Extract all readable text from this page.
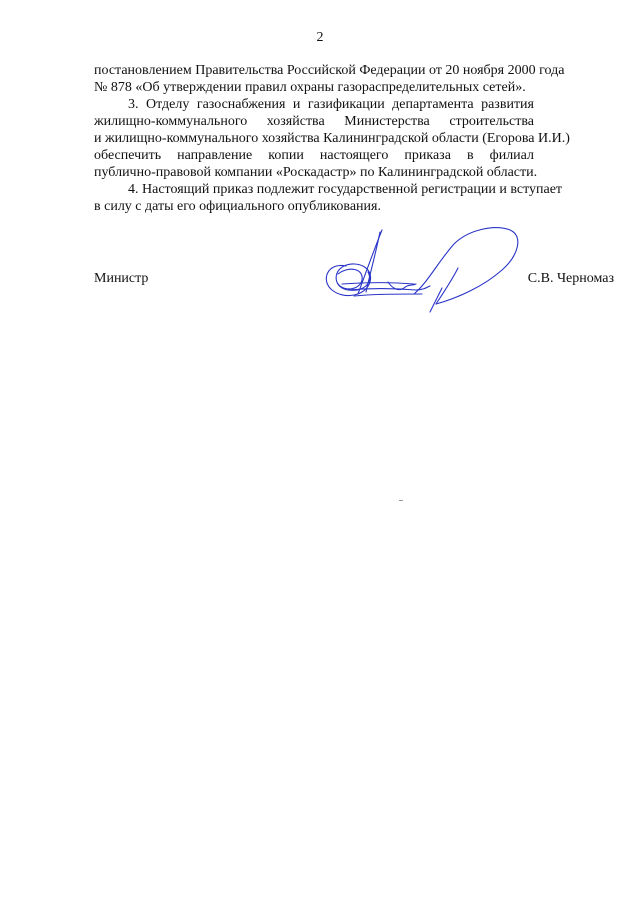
2

постановлением Правительства Российской Федерации от 20 ноября 2000 года
№ 878 «Об утверждении правил охраны газораспределительных сетей».

3. Отделу газоснабжения и газификации департамента развития
жилищно-коммунального хозяйства Министерства строительства
и жилищно-коммунального хозяйства Калининградской области (Егорова И.И.)
обеспечить направление копии настоящего приказа в филиал
публично-правовой компании «Роскадастр» по Калининградской области.

4. Настоящий приказ подлежит государственной регистрации и вступает
в силу с даты его официального опубликования.

Министр	С.В. Черномаз
